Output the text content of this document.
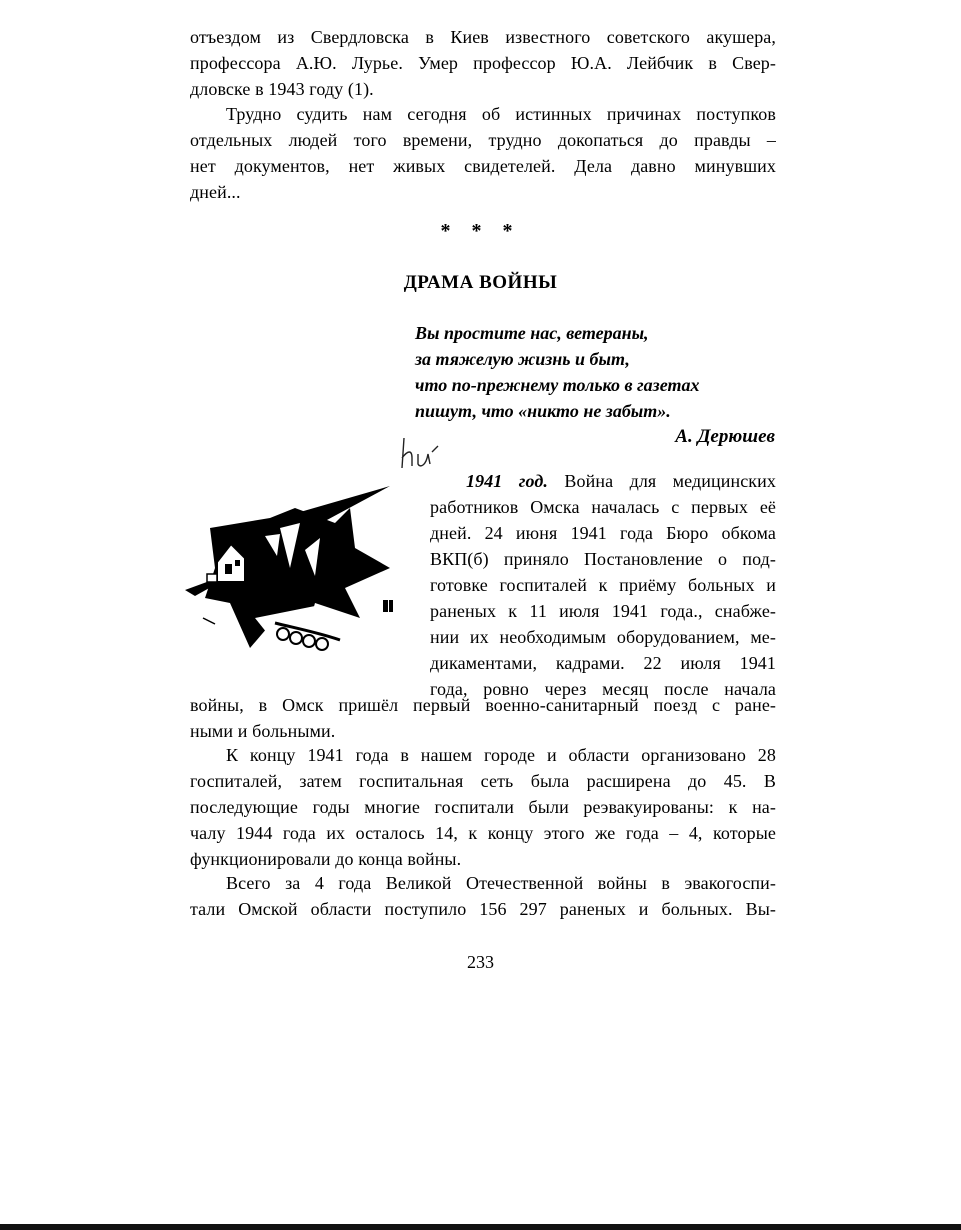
отъездом из Свердловска в Киев известного советского акушера,
профессора А.Ю. Лурье. Умер профессор Ю.А. Лейбчик в Свер-
дловске в 1943 году (1).
Трудно судить нам сегодня об истинных причинах поступков
отдельных людей того времени, трудно докопаться до правды –
нет документов, нет живых свидетелей. Дела давно минувших
дней...
* * *
ДРАМА ВОЙНЫ
Вы простите нас, ветераны,
за тяжелую жизнь и быт,
что по-прежнему только в газетах
пишут, что «никто не забыт».
А. Дерюшев
1941 год. Война для медицинских
работников Омска началась с первых её
дней. 24 июня 1941 года Бюро обкома
ВКП(б) приняло Постановление о под-
готовке госпиталей к приёму больных и
раненых к 11 июля 1941 года., снабже-
нии их необходимым оборудованием, ме-
дикаментами, кадрами. 22 июля 1941
года, ровно через месяц после начала
войны, в Омск пришёл первый военно-санитарный поезд с ране-
ными и больными.
К концу 1941 года в нашем городе и области организовано 28
госпиталей, затем госпитальная сеть была расширена до 45. В
последующие годы многие госпитали были реэвакуированы: к на-
чалу 1944 года их осталось 14, к концу этого же года – 4, которые
функционировали до конца войны.
Всего за 4 года Великой Отечественной войны в эвакогоспи-
тали Омской области поступило 156 297 раненых и больных. Вы-
233
